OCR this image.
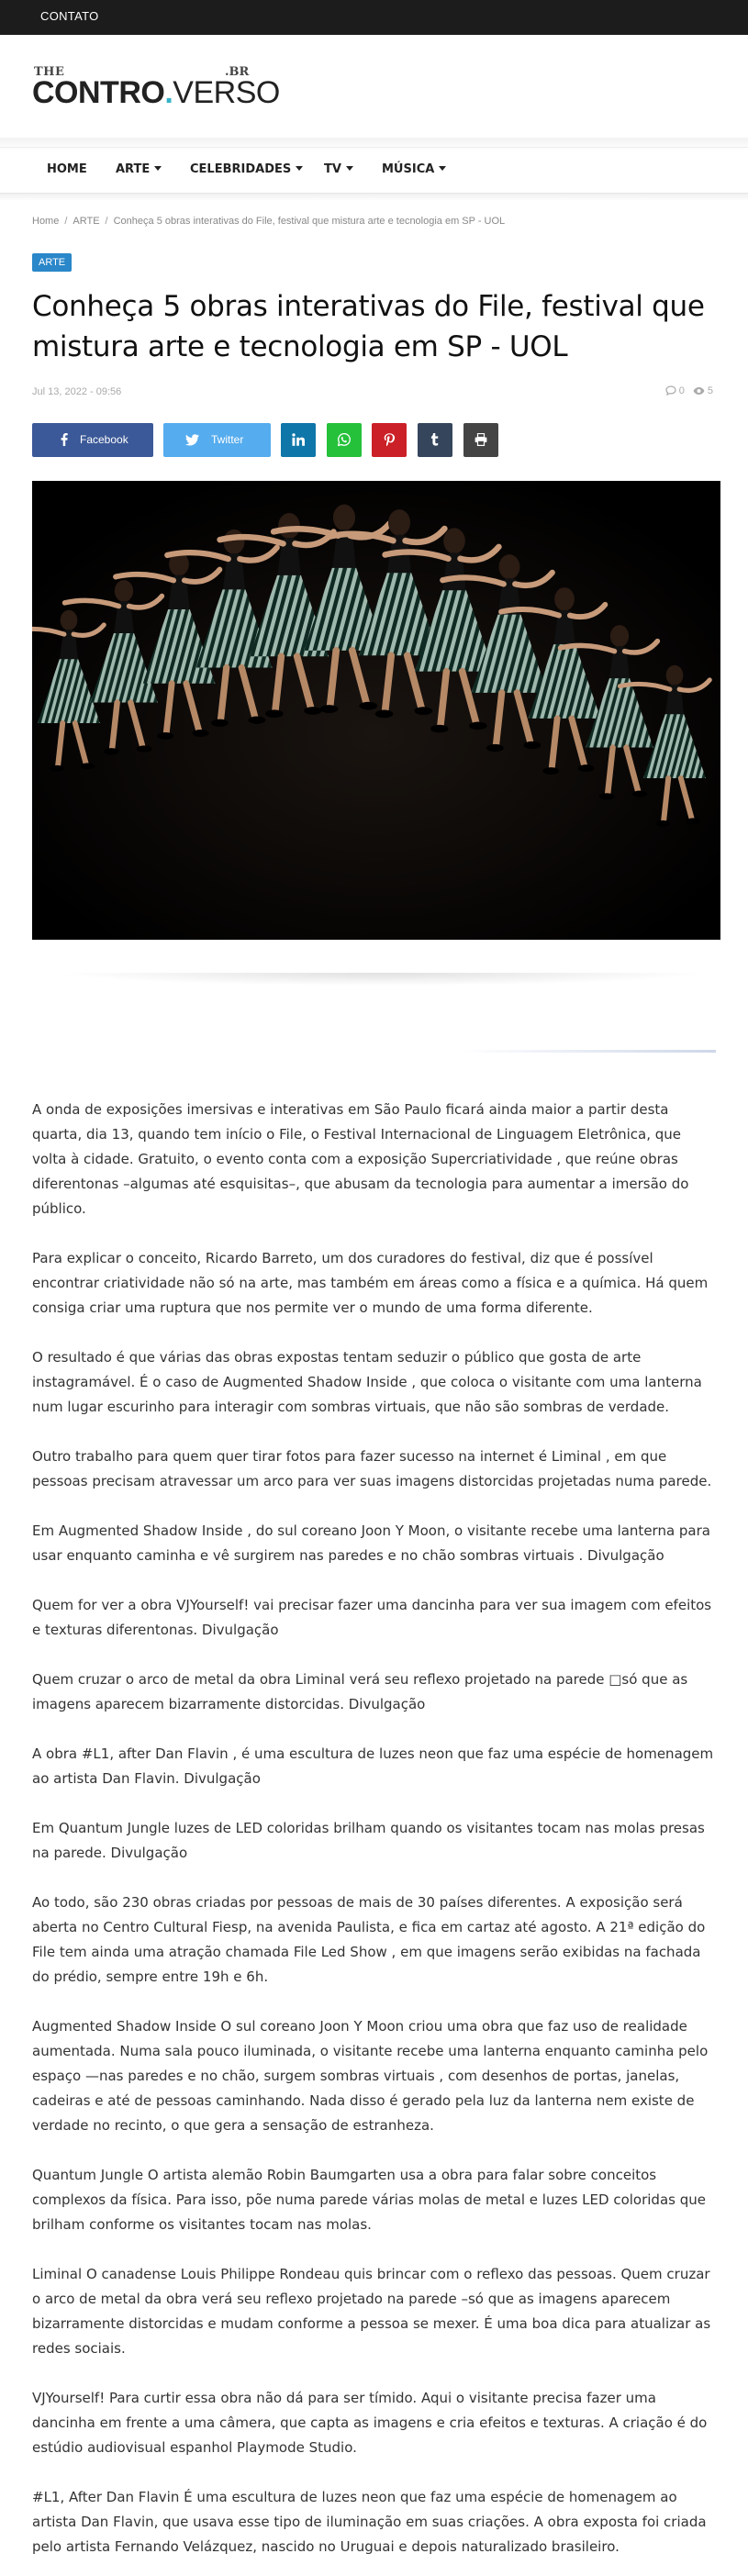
CONTATO
THE	.BR
CONTRO.VERSO
HOME ARTE	CELEBRIDADES	TV	MÚSICA
Home / ARTE / Conheça 5 obras interativas do File, festival que mistura arte e tecnologia em SP - UOL
ARTE
Conheça 5 obras interativas do File, festival que mistura arte e tecnologia em SP - UOL
Jul 13, 2022 - 09:56	0 5
Facebook	Twitter

A onda de exposições imersivas e interativas em São Paulo ficará ainda maior a partir desta quarta, dia 13, quando tem início o File, o Festival Internacional de Linguagem Eletrônica, que volta à cidade. Gratuito, o evento conta com a exposição Supercriatividade , que reúne obras diferentonas –algumas até esquisitas–, que abusam da tecnologia para aumentar a imersão do público.

Para explicar o conceito, Ricardo Barreto, um dos curadores do festival, diz que é possível encontrar criatividade não só na arte, mas também em áreas como a física e a química. Há quem consiga criar uma ruptura que nos permite ver o mundo de uma forma diferente.

O resultado é que várias das obras expostas tentam seduzir o público que gosta de arte instagramável. É o caso de Augmented Shadow Inside , que coloca o visitante com uma lanterna num lugar escurinho para interagir com sombras virtuais, que não são sombras de verdade.

Outro trabalho para quem quer tirar fotos para fazer sucesso na internet é Liminal , em que pessoas precisam atravessar um arco para ver suas imagens distorcidas projetadas numa parede.

Em Augmented Shadow Inside , do sul coreano Joon Y Moon, o visitante recebe uma lanterna para usar enquanto caminha e vê surgirem nas paredes e no chão sombras virtuais . Divulgação

Quem for ver a obra VJYourself! vai precisar fazer uma dancinha para ver sua imagem com efeitos e texturas diferentonas. Divulgação

Quem cruzar o arco de metal da obra Liminal verá seu reflexo projetado na parede □só que as imagens aparecem bizarramente distorcidas. Divulgação

A obra #L1, after Dan Flavin , é uma escultura de luzes neon que faz uma espécie de homenagem ao artista Dan Flavin. Divulgação

Em Quantum Jungle luzes de LED coloridas brilham quando os visitantes tocam nas molas presas na parede. Divulgação

Ao todo, são 230 obras criadas por pessoas de mais de 30 países diferentes. A exposição será aberta no Centro Cultural Fiesp, na avenida Paulista, e fica em cartaz até agosto. A 21ª edição do File tem ainda uma atração chamada File Led Show , em que imagens serão exibidas na fachada do prédio, sempre entre 19h e 6h.

Augmented Shadow Inside O sul coreano Joon Y Moon criou uma obra que faz uso de realidade aumentada. Numa sala pouco iluminada, o visitante recebe uma lanterna enquanto caminha pelo espaço —nas paredes e no chão, surgem sombras virtuais , com desenhos de portas, janelas, cadeiras e até de pessoas caminhando. Nada disso é gerado pela luz da lanterna nem existe de verdade no recinto, o que gera a sensação de estranheza.

Quantum Jungle O artista alemão Robin Baumgarten usa a obra para falar sobre conceitos complexos da física. Para isso, põe numa parede várias molas de metal e luzes LED coloridas que brilham conforme os visitantes tocam nas molas.

Liminal O canadense Louis Philippe Rondeau quis brincar com o reflexo das pessoas. Quem cruzar o arco de metal da obra verá seu reflexo projetado na parede –só que as imagens aparecem bizarramente distorcidas e mudam conforme a pessoa se mexer. É uma boa dica para atualizar as redes sociais.

VJYourself! Para curtir essa obra não dá para ser tímido. Aqui o visitante precisa fazer uma dancinha em frente a uma câmera, que capta as imagens e cria efeitos e texturas. A criação é do estúdio audiovisual espanhol Playmode Studio.

#L1, After Dan Flavin É uma escultura de luzes neon que faz uma espécie de homenagem ao artista Dan Flavin, que usava esse tipo de iluminação em suas criações. A obra exposta foi criada pelo artista Fernando Velázquez, nascido no Uruguai e depois naturalizado brasileiro.
